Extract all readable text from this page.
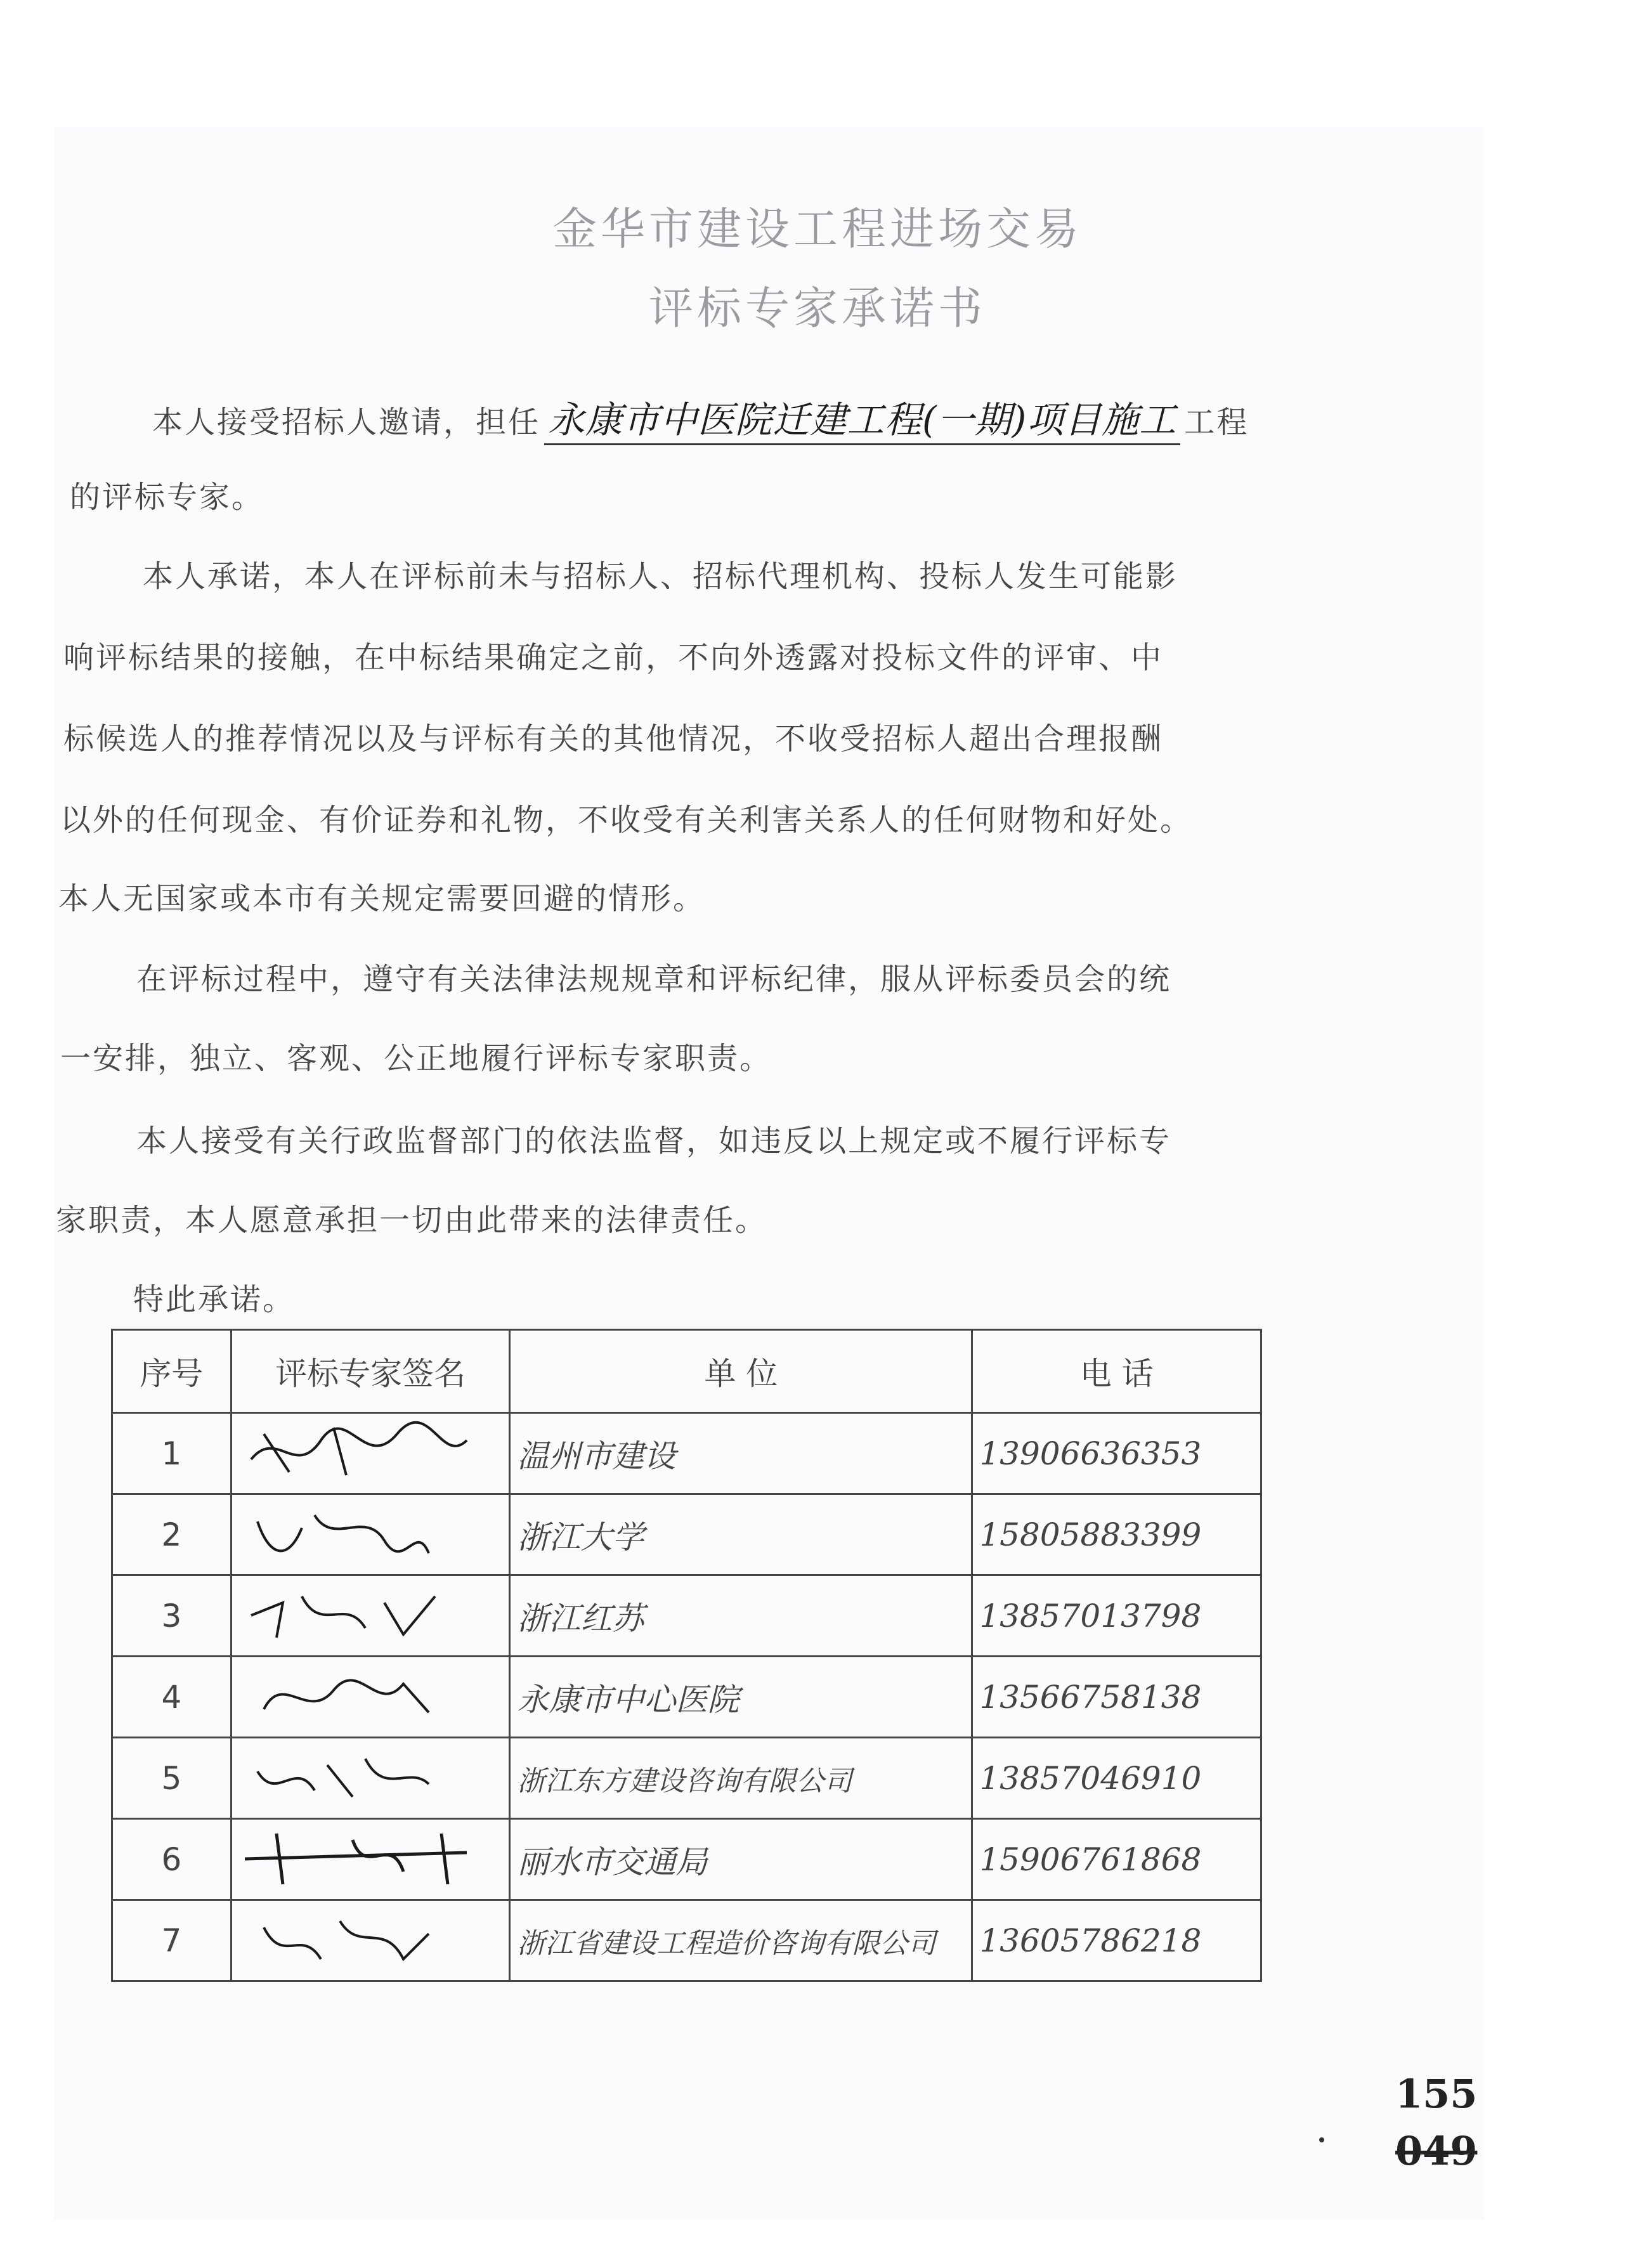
金华市建设工程进场交易
评标专家承诺书
本人接受招标人邀请，担任 永康市中医院迁建工程(一期)项目施工 工程
的评标专家。
本人承诺，本人在评标前未与招标人、招标代理机构、投标人发生可能影
响评标结果的接触，在中标结果确定之前，不向外透露对投标文件的评审、中
标候选人的推荐情况以及与评标有关的其他情况，不收受招标人超出合理报酬
以外的任何现金、有价证券和礼物，不收受有关利害关系人的任何财物和好处。
本人无国家或本市有关规定需要回避的情形。
在评标过程中，遵守有关法律法规规章和评标纪律，服从评标委员会的统
一安排，独立、客观、公正地履行评标专家职责。
本人接受有关行政监督部门的依法监督，如违反以上规定或不履行评标专
家职责，本人愿意承担一切由此带来的法律责任。
特此承诺。
序号	评标专家签名	单 位	电 话
1		温州市建设	13906636353
2		浙江大学	15805883399
3		浙江红苏	13857013798
4		永康市中心医院	13566758138
5		浙江东方建设咨询有限公司	13857046910
6		丽水市交通局	15906761868
7		浙江省建设工程造价咨询有限公司	13605786218
155
049
